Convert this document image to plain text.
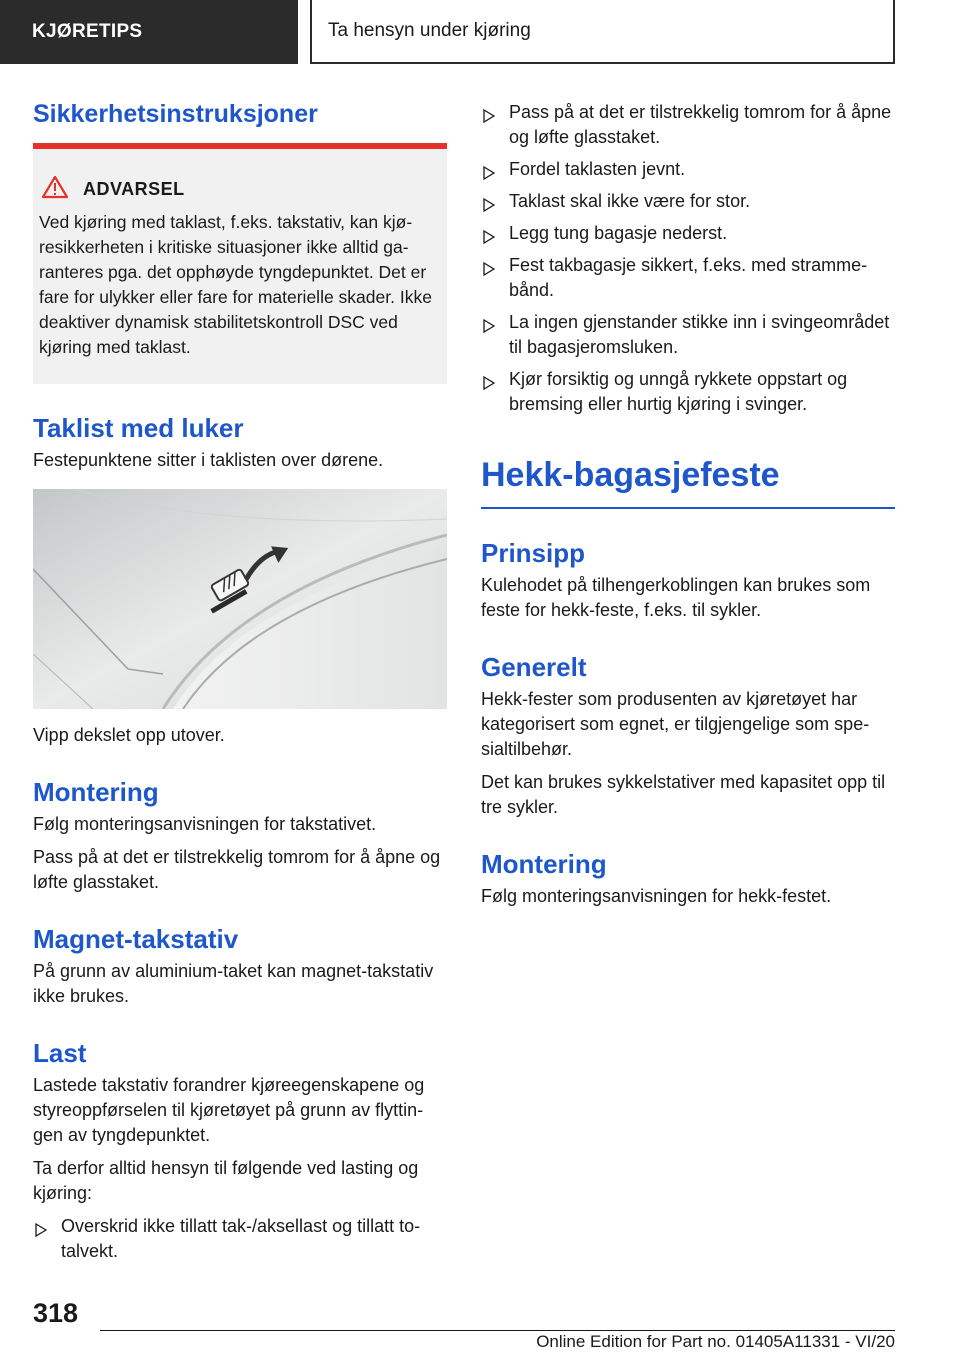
KJØRETIPS	Ta hensyn under kjøring
Sikkerhetsinstruksjoner
ADVARSEL

Ved kjøring med taklast, f.eks. takstativ, kan kjøresikkerheten i kritiske situasjoner ikke alltid garanteres pga. det opphøyde tyngdepunktet. Det er fare for ulykker eller fare for materielle skader. Ikke deaktiver dynamisk stabilitetskontroll DSC ved kjøring med taklast.

Taklist med luker

Festepunktene sitter i taklisten over dørene.

Vipp dekslet opp utover.

Montering

Følg monteringsanvisningen for takstativet.

Pass på at det er tilstrekkelig tomrom for å åpne og løfte glasstaket.

Magnet-takstativ

På grunn av aluminium-taket kan magnet-takstativ ikke brukes.

Last

Lastede takstativ forandrer kjøreegenskapene og styreoppførselen til kjøretøyet på grunn av flyttingen av tyngdepunktet.

Ta derfor alltid hensyn til følgende ved lasting og kjøring:

Overskrid ikke tillatt tak-/aksellast og tillatt totalvekt.
Pass på at det er tilstrekkelig tomrom for å åpne og løfte glasstaket.
Fordel taklasten jevnt.
Taklast skal ikke være for stor.
Legg tung bagasje nederst.
Fest takbagasje sikkert, f.eks. med strammebånd.
La ingen gjenstander stikke inn i svingeområdet til bagasjeromsluken.
Kjør forsiktig og unngå rykkete oppstart og bremsing eller hurtig kjøring i svinger.
Hekk-bagasjefeste
Prinsipp

Kulehodet på tilhengerkoblingen kan brukes som feste for hekk-feste, f.eks. til sykler.

Generelt

Hekk-fester som produsenten av kjøretøyet har kategorisert som egnet, er tilgjengelige som spesialtilbehør.

Det kan brukes sykkelstativer med kapasitet opp til tre sykler.

Montering

Følg monteringsanvisningen for hekk-festet.

318
Online Edition for Part no. 01405A11331 - VI/20
